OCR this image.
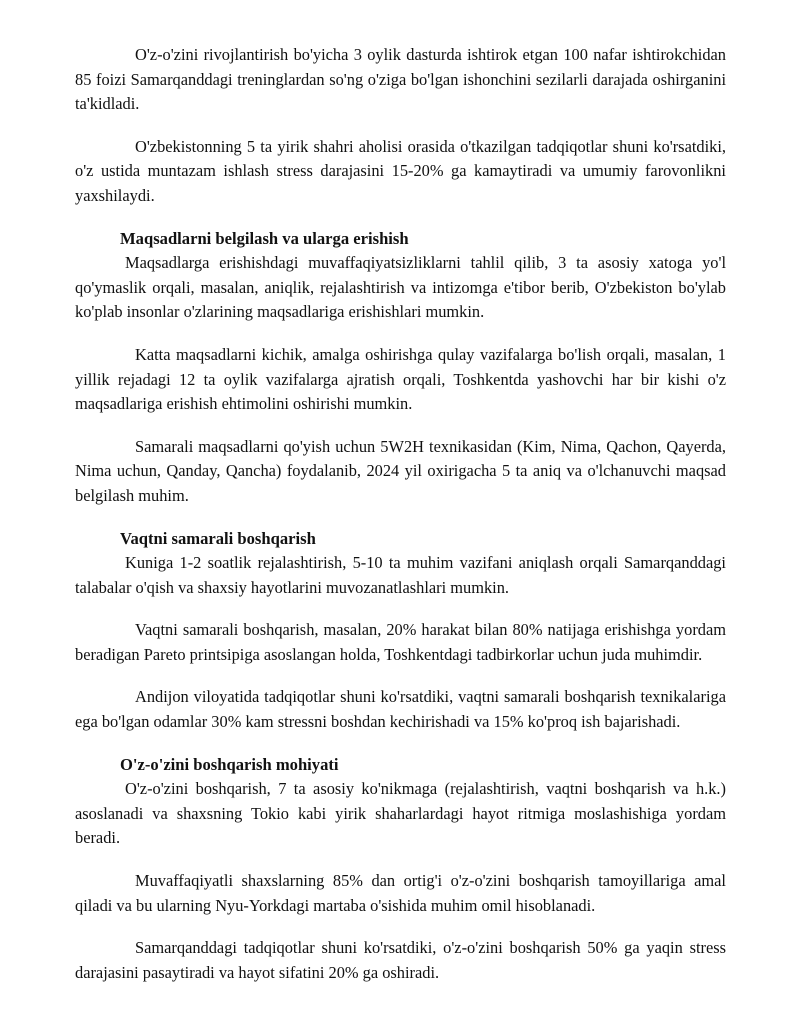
O'z-o'zini rivojlantirish bo'yicha 3 oylik dasturda ishtirok etgan 100 nafar ishtirokchidan 85 foizi Samarqanddagi treninglardan so'ng o'ziga bo'lgan ishonchini sezilarli darajada oshirganini ta'kidladi.

O'zbekistonning 5 ta yirik shahri aholisi orasida o'tkazilgan tadqiqotlar shuni ko'rsatdiki, o'z ustida muntazam ishlash stress darajasini 15-20% ga kamaytiradi va umumiy farovonlikni yaxshilaydi.

Maqsadlarni belgilash va ularga erishish

Maqsadlarga erishishdagi muvaffaqiyatsizliklarni tahlil qilib, 3 ta asosiy xatoga yo'l qo'ymaslik orqali, masalan, aniqlik, rejalashtirish va intizomga e'tibor berib, O'zbekiston bo'ylab ko'plab insonlar o'zlarining maqsadlariga erishishlari mumkin.

Katta maqsadlarni kichik, amalga oshirishga qulay vazifalarga bo'lish orqali, masalan, 1 yillik rejadagi 12 ta oylik vazifalarga ajratish orqali, Toshkentda yashovchi har bir kishi o'z maqsadlariga erishish ehtimolini oshirishi mumkin.

Samarali maqsadlarni qo'yish uchun 5W2H texnikasidan (Kim, Nima, Qachon, Qayerda, Nima uchun, Qanday, Qancha) foydalanib, 2024 yil oxirigacha 5 ta aniq va o'lchanuvchi maqsad belgilash muhim.

Vaqtni samarali boshqarish

Kuniga 1-2 soatlik rejalashtirish, 5-10 ta muhim vazifani aniqlash orqali Samarqanddagi talabalar o'qish va shaxsiy hayotlarini muvozanatlashlari mumkin.

Vaqtni samarali boshqarish, masalan, 20% harakat bilan 80% natijaga erishishga yordam beradigan Pareto printsipiga asoslangan holda, Toshkentdagi tadbirkorlar uchun juda muhimdir.

Andijon viloyatida tadqiqotlar shuni ko'rsatdiki, vaqtni samarali boshqarish texnikalariga ega bo'lgan odamlar 30% kam stressni boshdan kechirishadi va 15% ko'proq ish bajarishadi.

O'z-o'zini boshqarish mohiyati

O'z-o'zini boshqarish, 7 ta asosiy ko'nikmaga (rejalashtirish, vaqtni boshqarish va h.k.) asoslanadi va shaxsning Tokio kabi yirik shaharlardagi hayot ritmiga moslashishiga yordam beradi.

Muvaffaqiyatli shaxslarning 85% dan ortig'i o'z-o'zini boshqarish tamoyillariga amal qiladi va bu ularning Nyu-Yorkdagi martaba o'sishida muhim omil hisoblanadi.

Samarqanddagi tadqiqotlar shuni ko'rsatdiki, o'z-o'zini boshqarish 50% ga yaqin stress darajasini pasaytiradi va hayot sifatini 20% ga oshiradi.
